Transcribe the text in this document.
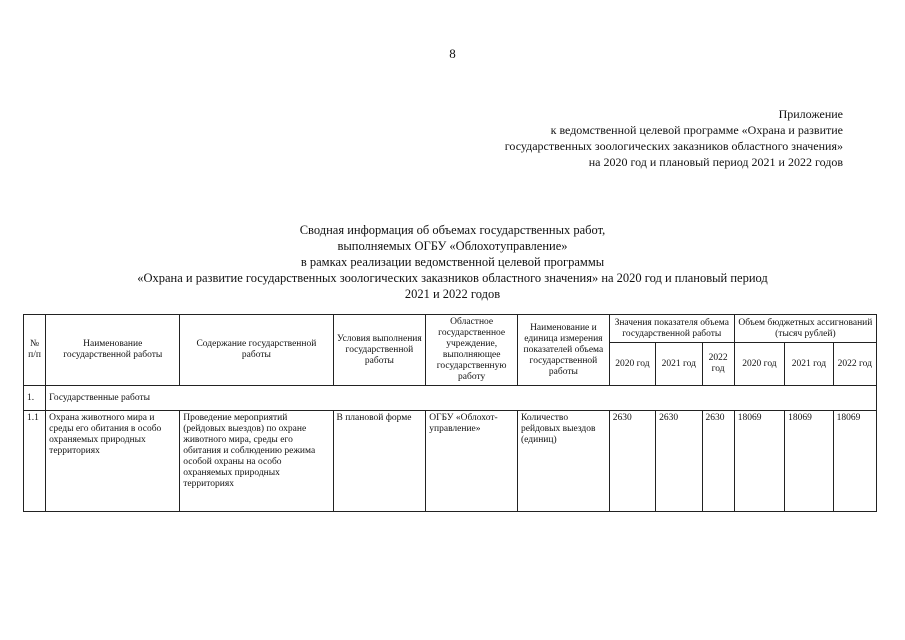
8
Приложение
к ведомственной целевой программе «Охрана и развитие
государственных зоологических заказников областного значения»
на 2020 год и плановый период 2021 и 2022 годов
Сводная информация об объемах государственных работ,
выполняемых ОГБУ «Облохотуправление»
в рамках реализации ведомственной целевой программы
«Охрана и развитие государственных зоологических заказников областного значения» на 2020 год и плановый период
2021 и 2022 годов
№ п/п	Наименование государственной работы	Содержание государственной работы	Условия выполнения государственной работы	Областное государственное учреждение, выполняющее государственную работу	Наименование и единица измерения показателей объема государственной работы	Значения показателя объема государственной работы			Объем бюджетных ассигнований (тысяч рублей)		
						2020 год	2021 год	2022 год	2020 год	2021 год	2022 год
1.	Государственные работы										
1.1	Охрана животного мира и среды его обитания в особо охраняемых природных территориях	Проведение мероприятий (рейдовых выездов) по охране животного мира, среды его обитания и соблюдению режима особой охраны на особо охраняемых природных территориях	В плановой форме	ОГБУ «Облохот-управление»	Количество рейдовых выездов (единиц)	2630	2630	2630	18069	18069	18069
